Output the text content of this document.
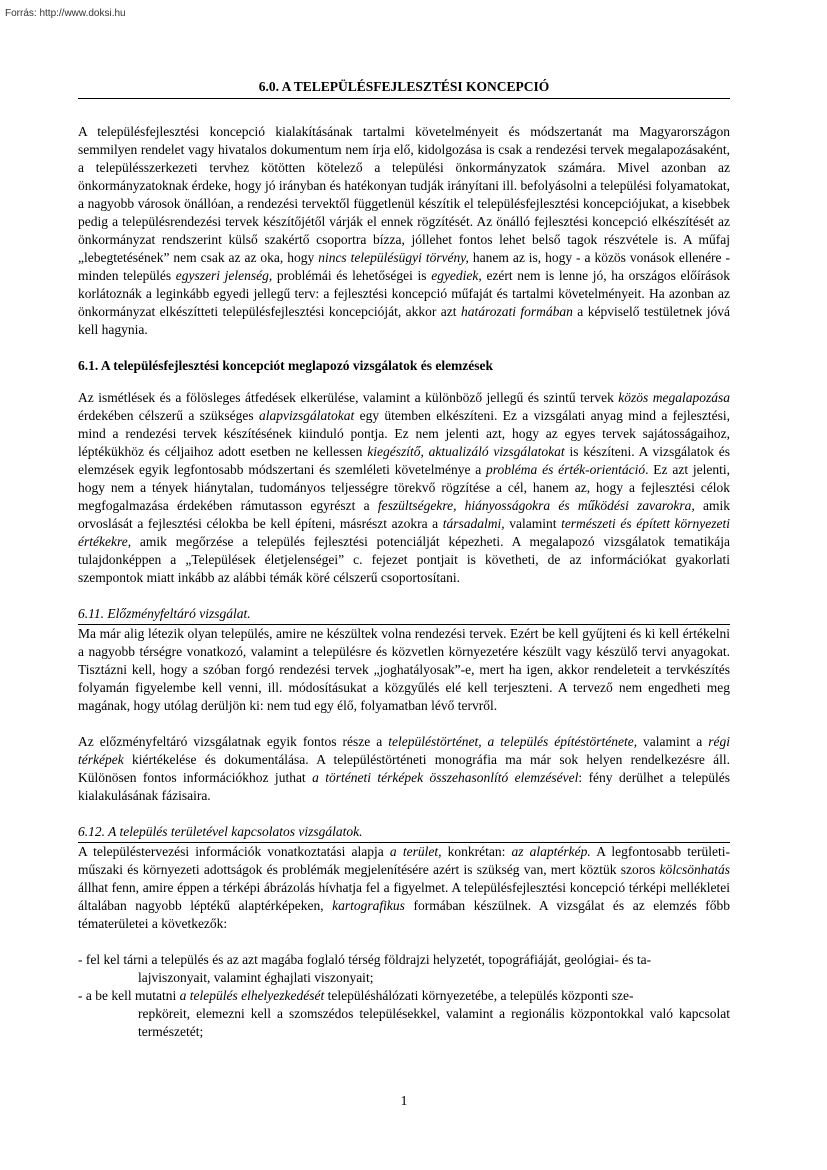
Forrás: http://www.doksi.hu
6.0. A TELEPÜLÉSFEJLESZTÉSI KONCEPCIÓ

A településfejlesztési koncepció kialakításának tartalmi követelményeit és módszertanát ma Magyarországon semmilyen rendelet vagy hivatalos dokumentum nem írja elő, kidolgozása is csak a rendezési tervek megalapozásaként, a településszerkezeti tervhez kötötten kötelező a települési önkormányzatok számára. Mivel azonban az önkormányzatoknak érdeke, hogy jó irányban és hatékonyan tudják irányítani ill. befolyásolni a települési folyamatokat, a nagyobb városok önállóan, a rendezési tervektől függetlenül készítik el településfejlesztési koncepciójukat, a kisebbek pedig a településrendezési tervek készítőjétől várják el ennek rögzítését. Az önálló fejlesztési koncepció elkészítését az önkormányzat rendszerint külső szakértő csoportra bízza, jóllehet fontos lehet belső tagok részvétele is. A műfaj „lebegtetésének” nem csak az az oka, hogy nincs településügyi törvény, hanem az is, hogy - a közös vonások ellenére - minden település egyszeri jelenség, problémái és lehetőségei is egyediek, ezért nem is lenne jó, ha országos előírások korlátoznák a leginkább egyedi jellegű terv: a fejlesztési koncepció műfaját és tartalmi követelményeit. Ha azonban az önkormányzat elkészítteti településfejlesztési koncepcióját, akkor azt határozati formában a képviselő testületnek jóvá kell hagynia.

6.1. A településfejlesztési koncepciót meglapozó vizsgálatok és elemzések

Az ismétlések és a fölösleges átfedések elkerülése, valamint a különböző jellegű és szintű tervek közös megalapozása érdekében célszerű a szükséges alapvizsgálatokat egy ütemben elkészíteni. Ez a vizsgálati anyag mind a fejlesztési, mind a rendezési tervek készítésének kiinduló pontja. Ez nem jelenti azt, hogy az egyes tervek sajátosságaihoz, léptékükhöz és céljaihoz adott esetben ne kellessen kiegészítő, aktualizáló vizsgálatokat is készíteni. A vizsgálatok és elemzések egyik legfontosabb módszertani és szemléleti követelménye a probléma és érték-orientáció. Ez azt jelenti, hogy nem a tények hiánytalan, tudományos teljességre törekvő rögzítése a cél, hanem az, hogy a fejlesztési célok megfogalmazása érdekében rámutasson egyrészt a feszültségekre, hiányosságokra és működési zavarokra, amik orvoslását a fejlesztési célokba be kell építeni, másrészt azokra a társadalmi, valamint természeti és épített környezeti értékekre, amik megőrzése a település fejlesztési potenciálját képezheti. A megalapozó vizsgálatok tematikája tulajdonképpen a „Települések életjelenségei” c. fejezet pontjait is követheti, de az információkat gyakorlati szempontok miatt inkább az alábbi témák köré célszerű csoportosítani.

6.11. Előzményfeltáró vizsgálat.

Ma már alig létezik olyan település, amire ne készültek volna rendezési tervek. Ezért be kell gyűjteni és ki kell értékelni a nagyobb térségre vonatkozó, valamint a településre és közvetlen környezetére készült vagy készülő tervi anyagokat. Tisztázni kell, hogy a szóban forgó rendezési tervek „joghatályosak”-e, mert ha igen, akkor rendeleteit a tervkészítés folyamán figyelembe kell venni, ill. módosításukat a közgyűlés elé kell terjeszteni. A tervező nem engedheti meg magának, hogy utólag derüljön ki: nem tud egy élő, folyamatban lévő tervről.

Az előzményfeltáró vizsgálatnak egyik fontos része a településtörténet, a település építéstörténete, valamint a régi térképek kiértékelése és dokumentálása. A településtörténeti monográfia ma már sok helyen rendelkezésre áll. Különösen fontos információkhoz juthat a történeti térképek összehasonlító elemzésével: fény derülhet a település kialakulásának fázisaira.

6.12. A település területével kapcsolatos vizsgálatok.

A településtervezési információk vonatkoztatási alapja a terület, konkrétan: az alaptérkép. A legfontosabb területi-műszaki és környezeti adottságok és problémák megjelenítésére azért is szükség van, mert köztük szoros kölcsönhatás állhat fenn, amire éppen a térképi ábrázolás hívhatja fel a figyelmet. A településfejlesztési koncepció térképi mellékletei általában nagyobb léptékű alaptérképeken, kartografikus formában készülnek. A vizsgálat és az elemzés főbb tématerületei a következők:

- fel kel tárni a település és az azt magába foglaló térség földrajzi helyzetét, topográfiáját, geológiai- és ta-
lajviszonyait, valamint éghajlati viszonyait;
- a be kell mutatni a település elhelyezkedését településhálózati környezetébe, a település központi sze-
repköreit, elemezni kell a szomszédos településekkel, valamint a regionális központokkal való kapcsolat természetét;
1
